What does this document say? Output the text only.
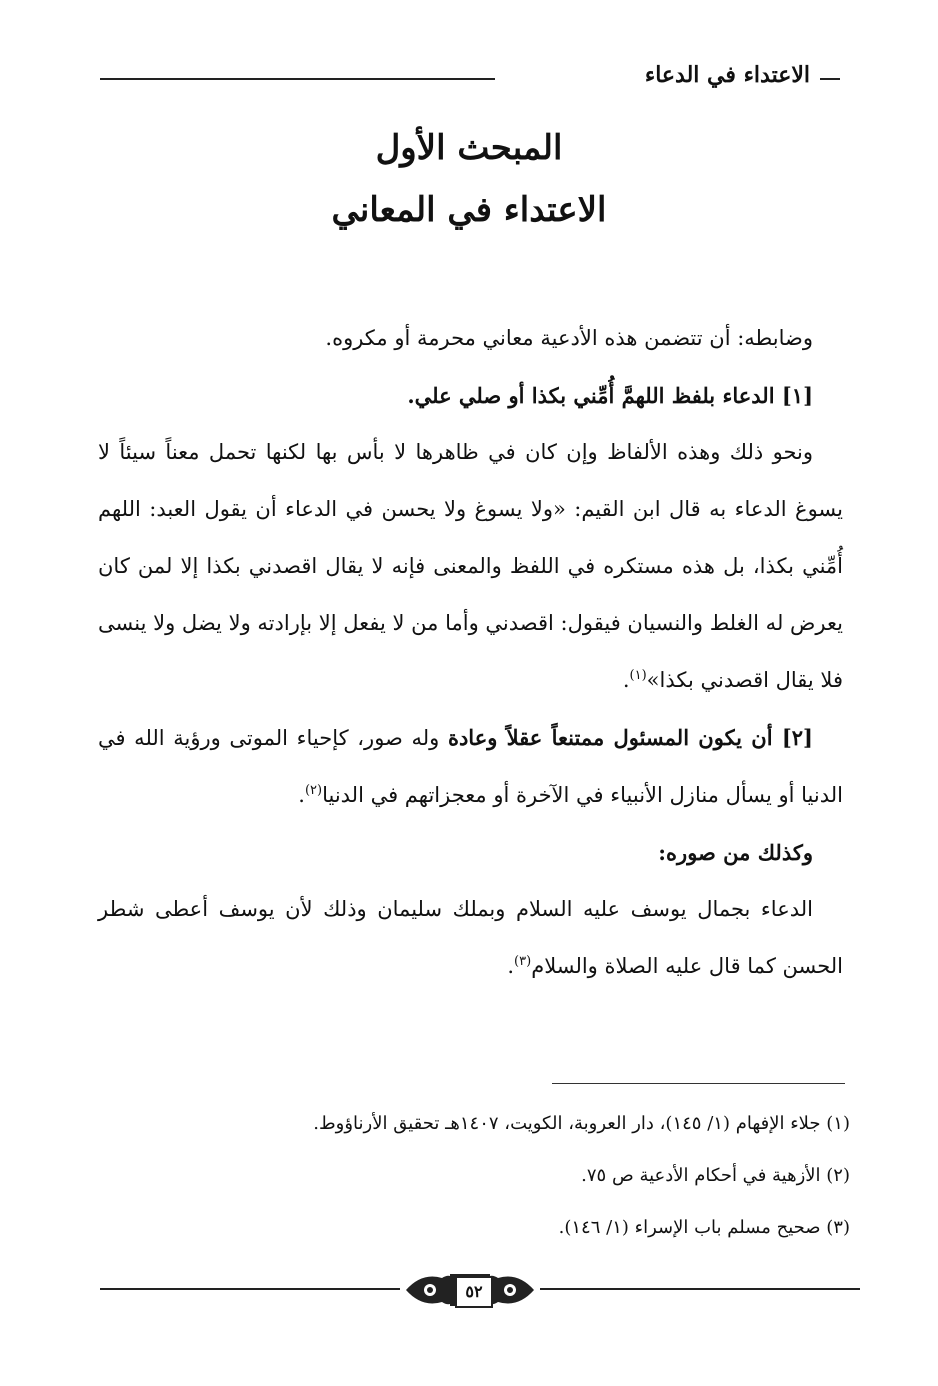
الاعتداء في الدعاء
المبحث الأول
الاعتداء في المعاني

وضابطه: أن تتضمن هذه الأدعية معاني محرمة أو مكروه.

[١] الدعاء بلفظ اللهمَّ أُمِّني بكذا أو صلي علي.

ونحو ذلك وهذه الألفاظ وإن كان في ظاهرها لا بأس بها لكنها تحمل معناً سيئاً لا يسوغ الدعاء به قال ابن القيم: «ولا يسوغ ولا يحسن في الدعاء أن يقول العبد: اللهم أُمِّني بكذا، بل هذه مستكره في اللفظ والمعنى فإنه لا يقال اقصدني بكذا إلا لمن كان يعرض له الغلط والنسيان فيقول: اقصدني وأما من لا يفعل إلا بإرادته ولا يضل ولا ينسى فلا يقال اقصدني بكذا»$^{(١)}$.

[٢] أن يكون المسئول ممتنعاً عقلاً وعادة وله صور، كإحياء الموتى ورؤية الله في الدنيا أو يسأل منازل الأنبياء في الآخرة أو معجزاتهم في الدنيا$^{(٢)}$.

وكذلك من صوره:

الدعاء بجمال يوسف عليه السلام وبملك سليمان وذلك لأن يوسف أعطى شطر الحسن كما قال عليه الصلاة والسلام$^{(٣)}$.

(١) جلاء الإفهام (١/ ١٤٥)، دار العروبة، الكويت، ١٤٠٧هـ تحقيق الأرناؤوط.

(٢) الأزهية في أحكام الأدعية ص ٧٥.

(٣) صحيح مسلم باب الإسراء (١/ ١٤٦).

٥٢
